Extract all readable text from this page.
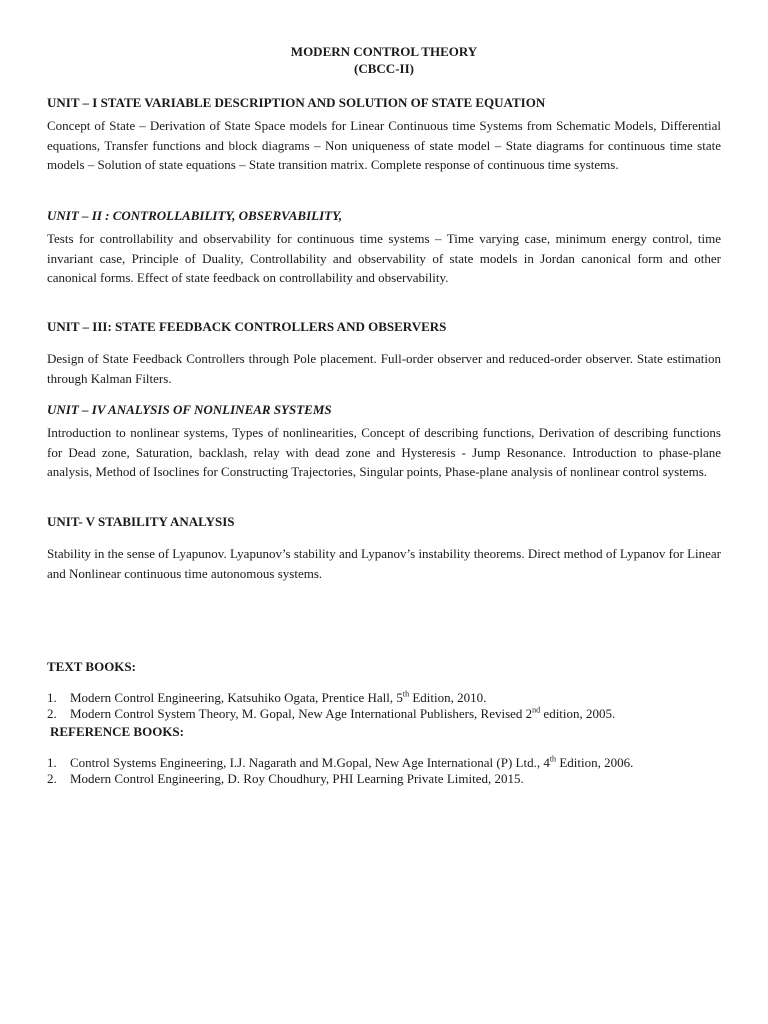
MODERN CONTROL THEORY
(CBCC-II)
UNIT – I STATE VARIABLE DESCRIPTION AND SOLUTION OF STATE EQUATION
Concept of State – Derivation of State Space models for Linear Continuous time Systems from Schematic Models, Differential equations, Transfer functions and block diagrams – Non uniqueness of state model – State diagrams for continuous time state models – Solution of state equations – State transition matrix. Complete response of continuous time systems.
UNIT – II : CONTROLLABILITY, OBSERVABILITY,
Tests for controllability and observability for continuous time systems – Time varying case, minimum energy control, time invariant case, Principle of Duality, Controllability and observability of state models in Jordan canonical form and other canonical forms. Effect of state feedback on controllability and observability.
UNIT – III: STATE FEEDBACK CONTROLLERS AND OBSERVERS
Design of State Feedback Controllers through Pole placement. Full-order observer and reduced-order observer. State estimation through Kalman Filters.
UNIT – IV ANALYSIS OF NONLINEAR SYSTEMS
Introduction to nonlinear systems, Types of nonlinearities, Concept of describing functions, Derivation of describing functions for Dead zone, Saturation, backlash, relay with dead zone and Hysteresis - Jump Resonance. Introduction to phase-plane analysis, Method of Isoclines for Constructing Trajectories, Singular points, Phase-plane analysis of nonlinear control systems.
UNIT- V STABILITY ANALYSIS
Stability in the sense of Lyapunov. Lyapunov’s stability and Lypanov’s instability theorems. Direct method of Lypanov for Linear and Nonlinear continuous time autonomous systems.
TEXT BOOKS:
1. Modern Control Engineering, Katsuhiko Ogata, Prentice Hall, 5th Edition, 2010.
2. Modern Control System Theory, M. Gopal, New Age International Publishers, Revised 2nd edition, 2005.
REFERENCE BOOKS:
1. Control Systems Engineering, I.J. Nagarath and M.Gopal, New Age International (P) Ltd., 4th Edition, 2006.
2. Modern Control Engineering, D. Roy Choudhury, PHI Learning Private Limited, 2015.
